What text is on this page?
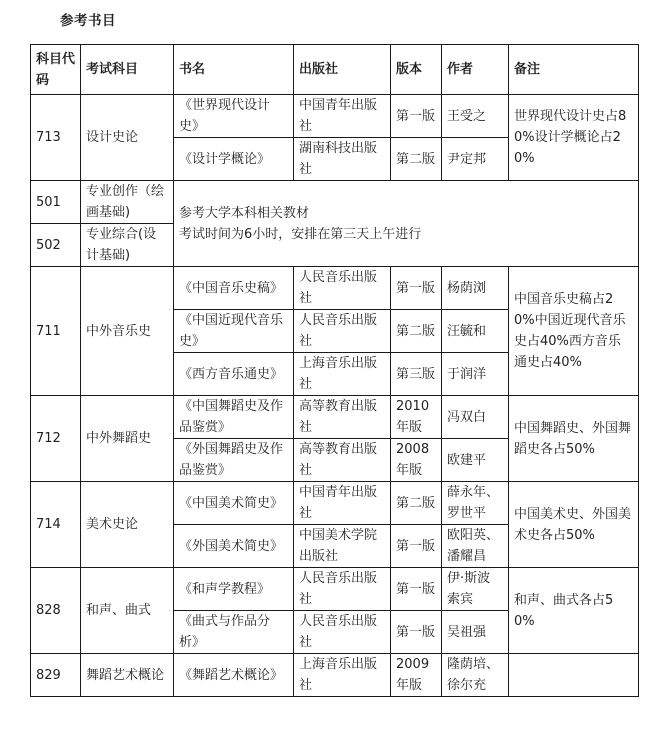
参考书目
科目代码	考试科目	书名	出版社	版本	作者	备注
713	设计史论	《世界现代设计史》	中国青年出版社	第一版	王受之	世界现代设计史占80%设计学概论占20%
		《设计学概论》	湖南科技出版社	第二版	尹定邦	
501	专业创作（绘画基础)	参考大学本科相关教材
考试时间为6小时，安排在第三天上午进行				

502	专业综合(设计基础)					
711	中外音乐史	《中国音乐史稿》	人民音乐出版社	第一版	杨荫浏	中国音乐史稿占20%中国近现代音乐史占40%西方音乐通史占40%
		《中国近现代音乐史》	人民音乐出版社	第二版	汪毓和	
		《西方音乐通史》	上海音乐出版社	第三版	于润洋	
712	中外舞蹈史	《中国舞蹈史及作品鉴赏》	高等教育出版社	2010年版	冯双白	中国舞蹈史、外国舞蹈史各占50%
		《外国舞蹈史及作品鉴赏》	高等教育出版社	2008年版	欧建平	
714	美术史论	《中国美术简史》	中国青年出版社	第二版	薛永年、罗世平	中国美术史、外国美术史各占50%
		《外国美术简史》	中国美术学院出版社	第一版	欧阳英、潘耀昌	
828	和声、曲式	《和声学教程》	人民音乐出版社	第一版	伊·斯波索宾	和声、曲式各占50%
		《曲式与作品分析》	人民音乐出版社	第一版	吴祖强	
829	舞蹈艺术概论	《舞蹈艺术概论》	上海音乐出版社	2009年版	隆荫培、徐尔充	
